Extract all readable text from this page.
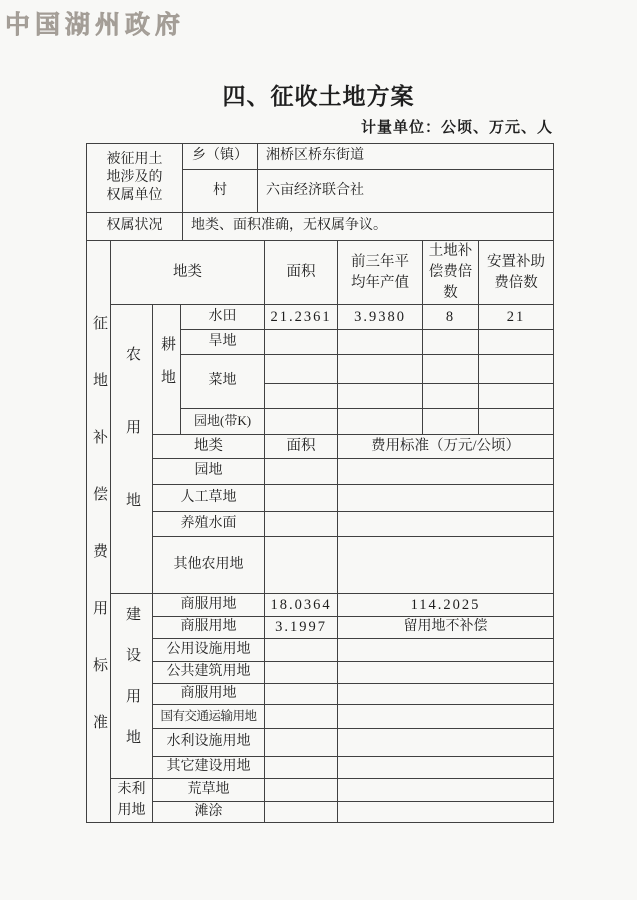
中国湖州政府
四、征收土地方案
计量单位：公顷、万元、人
被征用土地涉及的权属单位	乡（镇）	湘桥区桥东街道
	村	六亩经济联合社
权属状况	地类、面积准确，无权属争议。	
征地补偿费用标准	地类			面积	前三年平均年产值	土地补偿费倍数	安置补助费倍数
	农用地	耕地	水田	21.2361	3.9380	8	21
			旱地				
			菜地				

			园地(带K)				
		地类		面积	费用标准（万元/公顷）		
		园地					
		人工草地					
		养殖水面					
		其他农用地					
	建设用地	商服用地		18.0364	114.2025		
		商服用地		3.1997	留用地不补偿		
		公用设施用地					
		公共建筑用地					
		商服用地					
		国有交通运输用地					
		水利设施用地					
		其它建设用地					
	未利用地	荒草地					
		滩涂					
